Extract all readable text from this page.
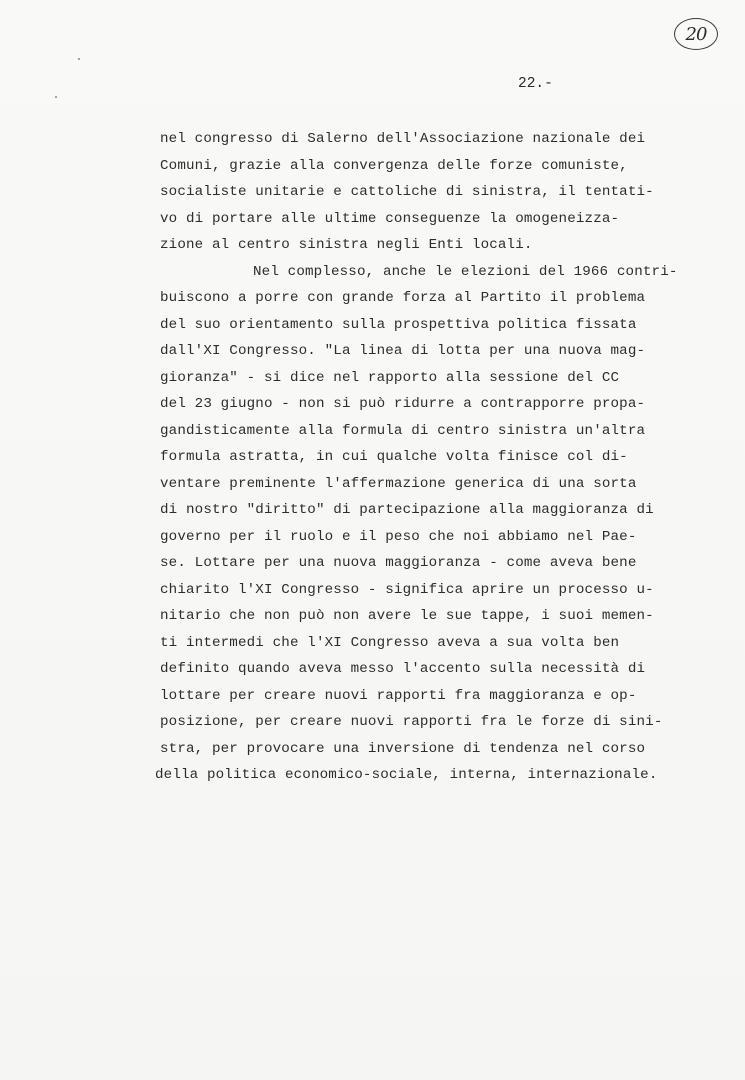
20
22.-
nel congresso di Salerno dell'Associazione nazionale dei
Comuni, grazie alla convergenza delle forze comuniste,
socialiste unitarie e cattoliche di sinistra, il tentati-
vo di portare alle ultime conseguenze la omogeneizza-
zione al centro sinistra negli Enti locali.
Nel complesso, anche le elezioni del 1966 contri-
buiscono a porre con grande forza al Partito il problema
del suo orientamento sulla prospettiva politica fissata
dall'XI Congresso. "La linea di lotta per una nuova mag-
gioranza" - si dice nel rapporto alla sessione del CC
del 23 giugno - non si può ridurre a contrapporre propa-
gandisticamente alla formula di centro sinistra un'altra
formula astratta, in cui qualche volta finisce col di-
ventare preminente l'affermazione generica di una sorta
di nostro "diritto" di partecipazione alla maggioranza di
governo per il ruolo e il peso che noi abbiamo nel Pae-
se. Lottare per una nuova maggioranza - come aveva bene
chiarito l'XI Congresso - significa aprire un processo u-
nitario che non può non avere le sue tappe, i suoi memen-
ti intermedi che l'XI Congresso aveva a sua volta ben
definito quando aveva messo l'accento sulla necessità di
lottare per creare nuovi rapporti fra maggioranza e op-
posizione, per creare nuovi rapporti fra le forze di sini-
stra, per provocare una inversione di tendenza nel corso
della politica economico-sociale, interna, internazionale.
